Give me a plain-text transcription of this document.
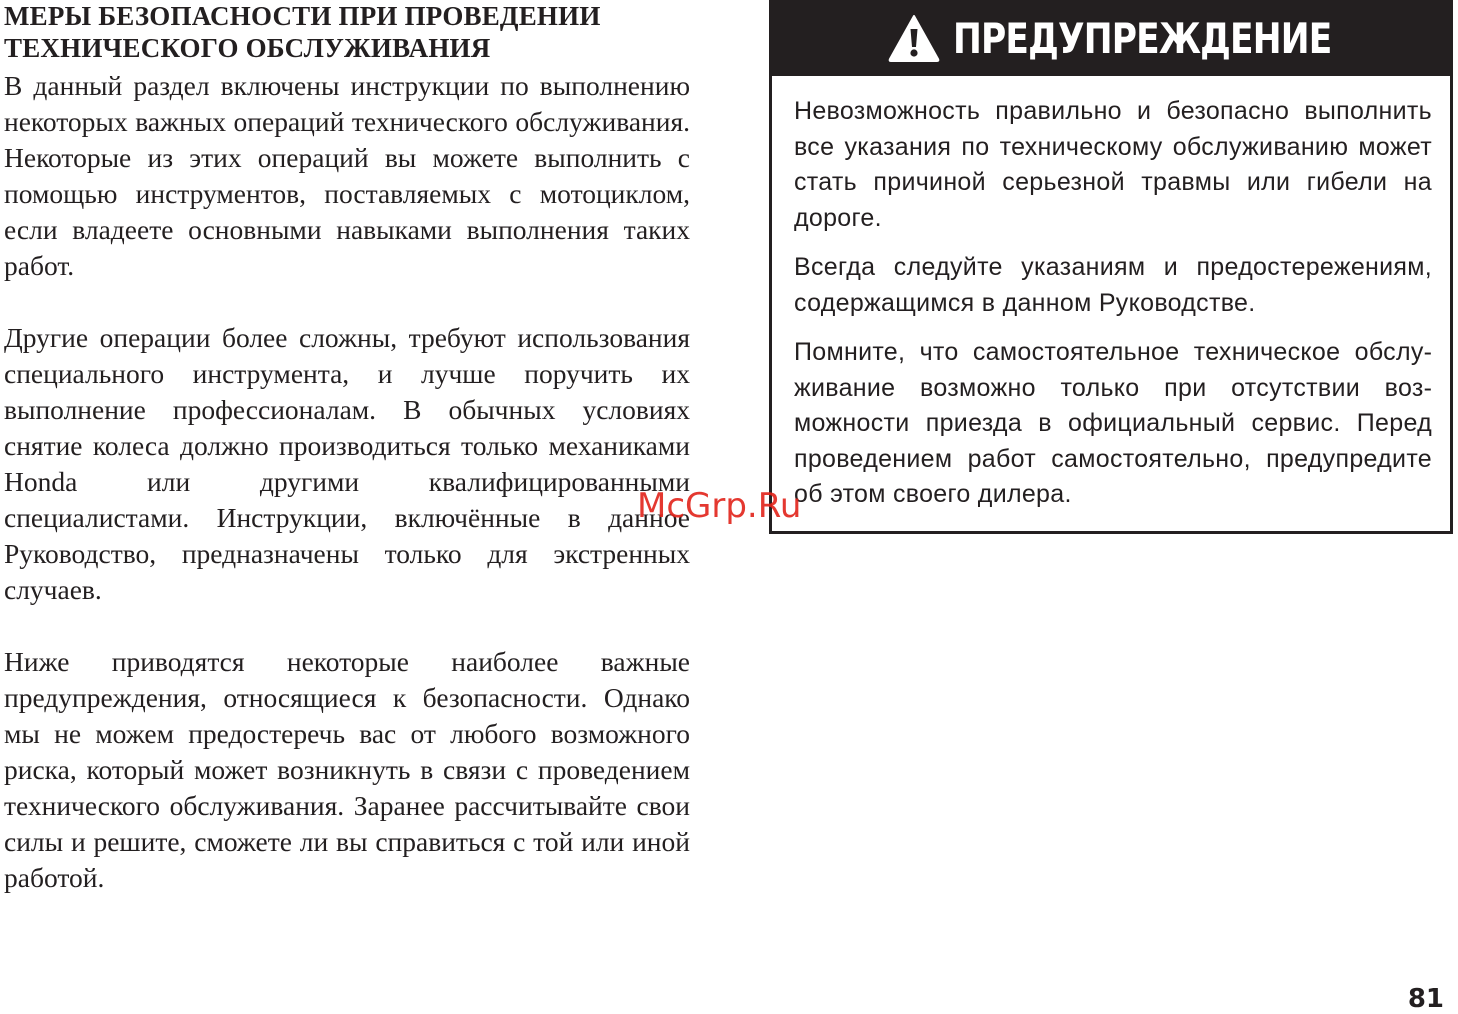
МЕРЫ БЕЗОПАСНОСТИ ПРИ ПРОВЕДЕНИИ
ТЕХНИЧЕСКОГО ОБСЛУЖИВАНИЯ

В данный раздел включены инструкции по выполнению некоторых важных операций технического обслуживания. Некоторые из этих операций вы можете выполнить с помощью инструментов, поставляемых с мотоциклом, если владеете основными навыками выполнения таких работ.

Другие операции более сложны, требуют использования специального инструмента, и лучше поручить их выполнение профессионалам. В обычных условиях снятие колеса должно производиться только механиками Honda или другими квалифицированными специалистами. Инструкции, включённые в данное Руководство, предназначены только для экстренных случаев.

Ниже приводятся некоторые наиболее важные предупреждения, относящиеся к безопасности. Однако мы не можем предостеречь вас от любого возможного риска, который может возникнуть в связи с проведением технического обслуживания. Заранее рассчитывайте свои силы и решите, сможете ли вы справиться с той или иной работой.

ПРЕДУПРЕЖДЕНИЕ

Невозможность правильно и безопасно выполнить все указания по техническому обслуживанию может стать причиной серьезной травмы или гибели на дороге.

Всегда следуйте указаниям и предостережениям, содержащимся в данном Руководстве.

Помните, что самостоятельное техническое обслуживание возможно только при отсутствии возможности приезда в официальный сервис. Перед проведением работ самостоятельно, предупредите об этом своего дилера.

McGrp.Ru
81
